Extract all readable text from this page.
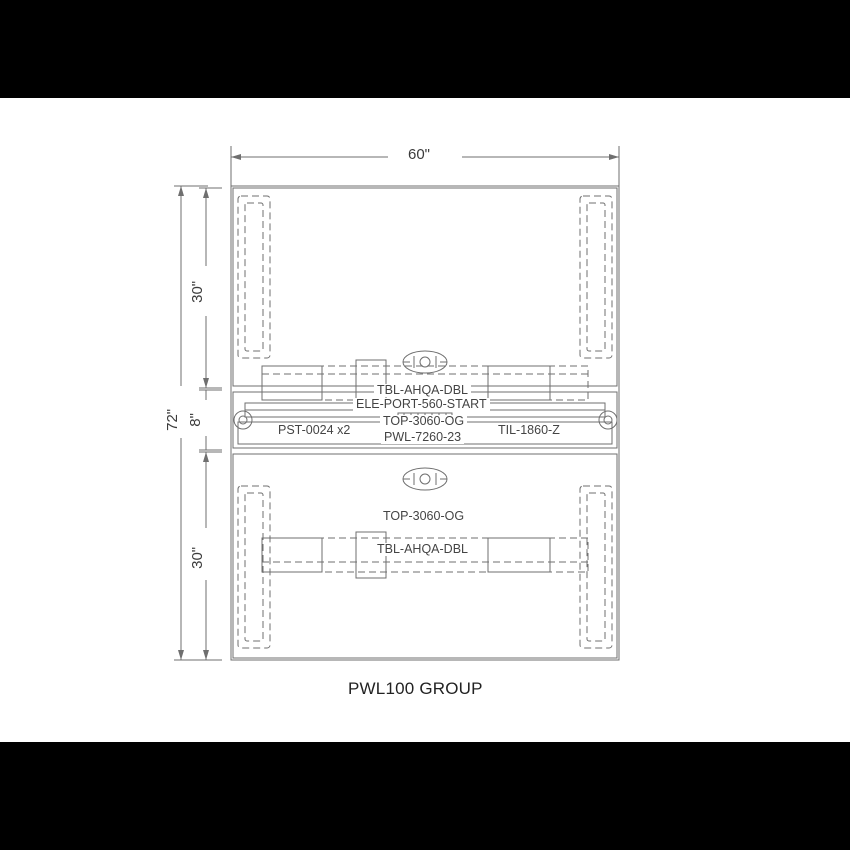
60"
72"
30"
8"
30"
TBL-AHQA-DBL
TOP-3060-OG
ELE-PORT-560-START
PST-0024 x2	PWL-7260-23	TIL-1860-Z
TOP-3060-OG
TBL-AHQA-DBL
PWL100 GROUP
